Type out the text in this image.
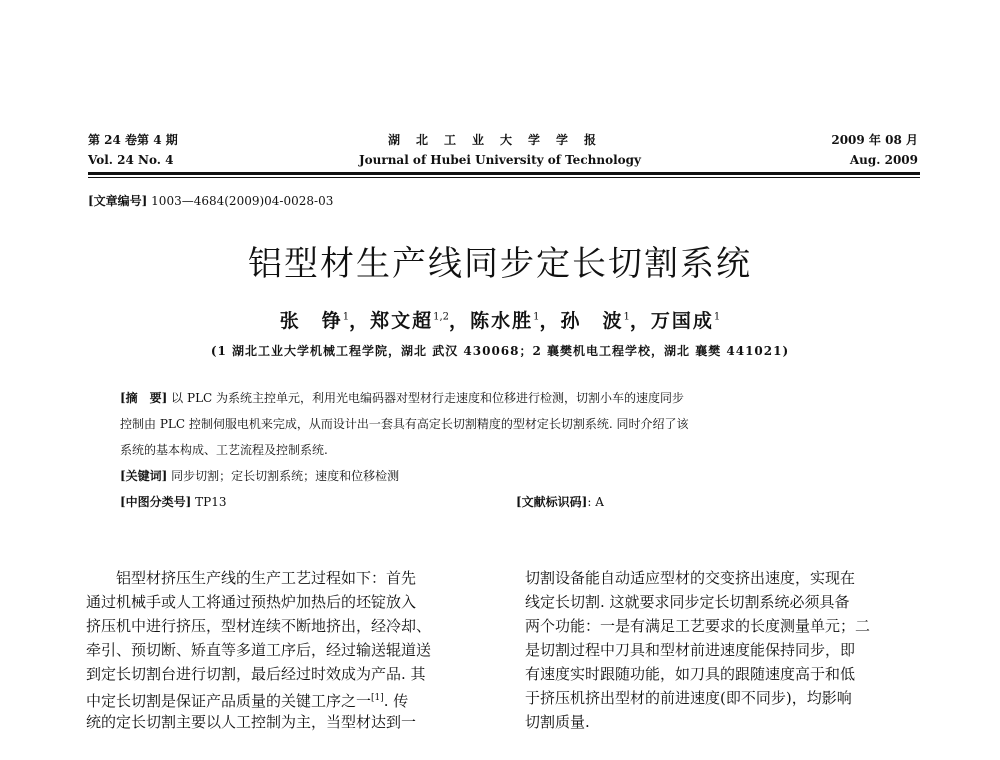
第 24 卷第 4 期
Vol. 24 No. 4
湖北工业大学学报
Journal of Hubei University of Technology
2009 年 08 月
Aug. 2009
[文章编号] 1003—4684(2009)04-0028-03
铝型材生产线同步定长切割系统
张　铮$^1$，郑文超$^{1,2}$，陈水胜$^1$，孙　波$^1$，万国成$^1$
(1 湖北工业大学机械工程学院，湖北 武汉 430068；2 襄樊机电工程学校，湖北 襄樊 441021)
[摘　要] 以 PLC 为系统主控单元，利用光电编码器对型材行走速度和位移进行检测，切割小车的速度同步
控制由 PLC 控制伺服电机来完成，从而设计出一套具有高定长切割精度的型材定长切割系统. 同时介绍了该
系统的基本构成、工艺流程及控制系统.
[关键词] 同步切割；定长切割系统；速度和位移检测
[中图分类号] TP13	[文献标识码]: A
铝型材挤压生产线的生产工艺过程如下：首先
通过机械手或人工将通过预热炉加热后的坯锭放入
挤压机中进行挤压，型材连续不断地挤出，经冷却、
牵引、预切断、矫直等多道工序后，经过输送辊道送
到定长切割台进行切割，最后经过时效成为产品. 其
中定长切割是保证产品质量的关键工序之一[1]. 传
统的定长切割主要以人工控制为主，当型材达到一
切割设备能自动适应型材的交变挤出速度，实现在
线定长切割. 这就要求同步定长切割系统必须具备
两个功能：一是有满足工艺要求的长度测量单元；二
是切割过程中刀具和型材前进速度能保持同步，即
有速度实时跟随功能，如刀具的跟随速度高于和低
于挤压机挤出型材的前进速度(即不同步)，均影响
切割质量.
